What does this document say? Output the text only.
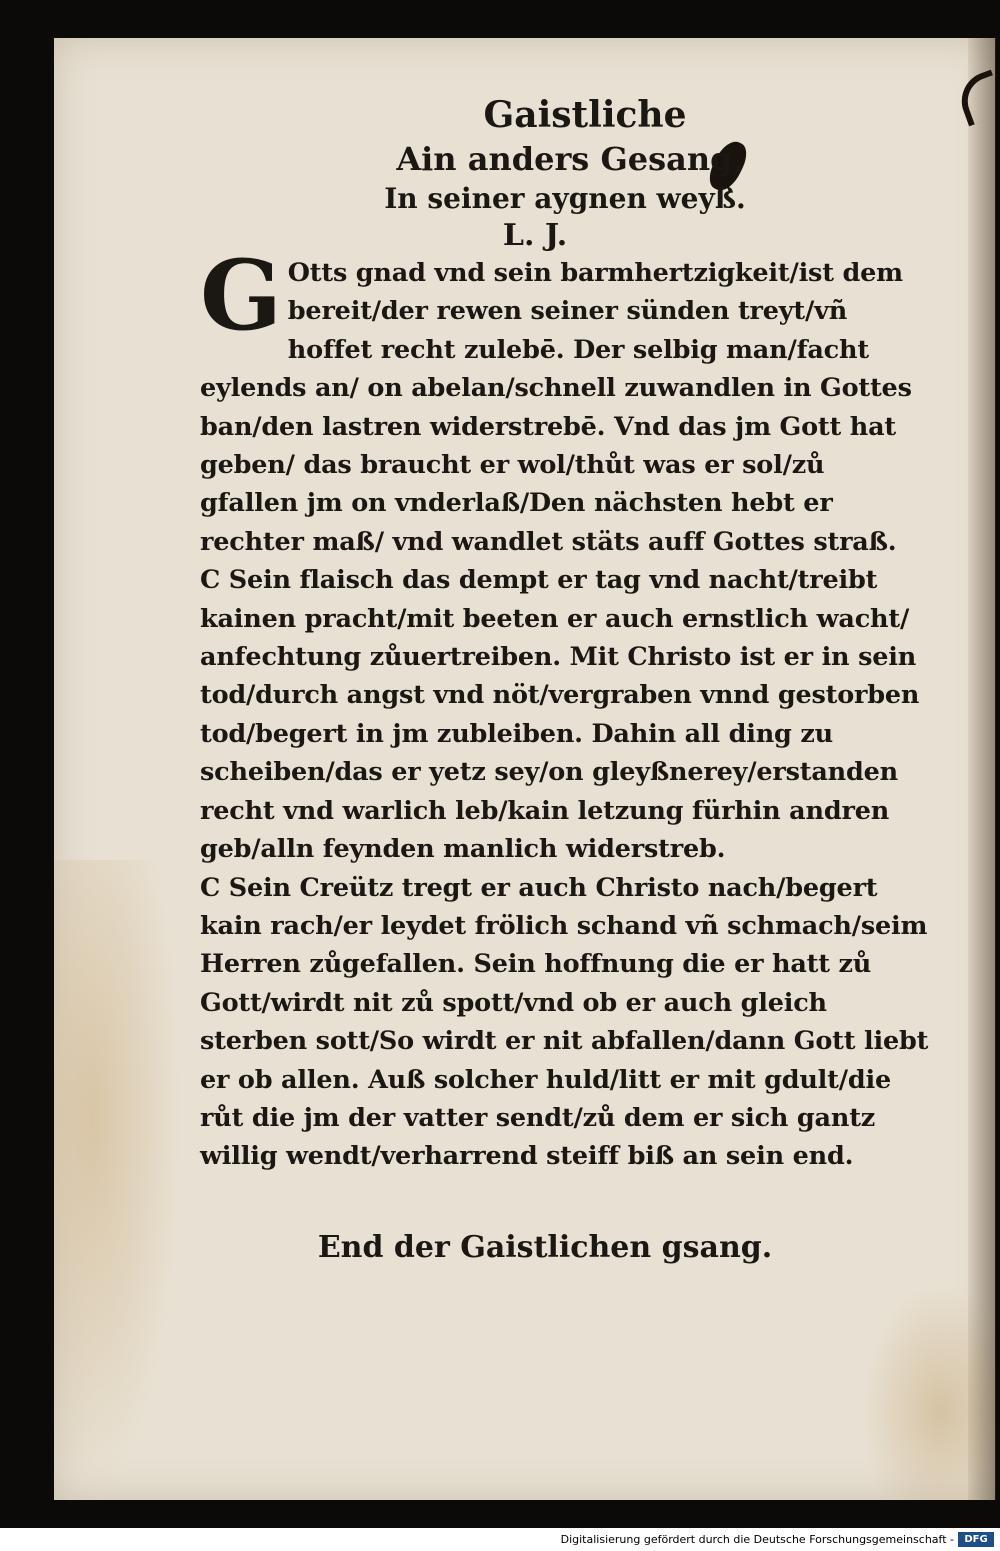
Gaistliche

Ain anders Gesang,

In seiner aygnen weyß.

L. J.

G Otts gnad vnd sein barmhertzigkeit/ist dem bereit/der rewen seiner sünden treyt/vñ hoffet recht zulebē. Der selbig man/facht eylends an/ on abelan/schnell zuwandlen in Gottes ban/den lastren widerstrebē. Vnd das jm Gott hat geben/ das braucht er wol/thůt was er sol/zů gfallen jm on vnderlaß/Den nächsten hebt er rechter maß/ vnd wandlet stäts auff Gottes straß.

C Sein flaisch das dempt er tag vnd nacht/treibt kainen pracht/mit beeten er auch ernstlich wacht/ anfechtung zůuertreiben. Mit Christo ist er in sein tod/durch angst vnd nöt/vergraben vnnd gestorben tod/begert in jm zubleiben. Dahin all ding zu scheiben/das er yetz sey/on gleyßnerey/erstanden recht vnd warlich leb/kain letzung fürhin andren geb/alln feynden manlich widerstreb.

C Sein Creütz tregt er auch Christo nach/begert kain rach/er leydet frölich schand vñ schmach/seim Herren zůgefallen. Sein hoffnung die er hatt zů Gott/wirdt nit zů spott/vnd ob er auch gleich sterben sott/So wirdt er nit abfallen/dann Gott liebt er ob allen. Auß solcher huld/litt er mit gdult/die růt die jm der vatter sendt/zů dem er sich gantz willig wendt/verharrend steiff biß an sein end.

End der Gaistlichen gsang.

Digitalisierung gefördert durch die Deutsche Forschungsgemeinschaft -	DFG
